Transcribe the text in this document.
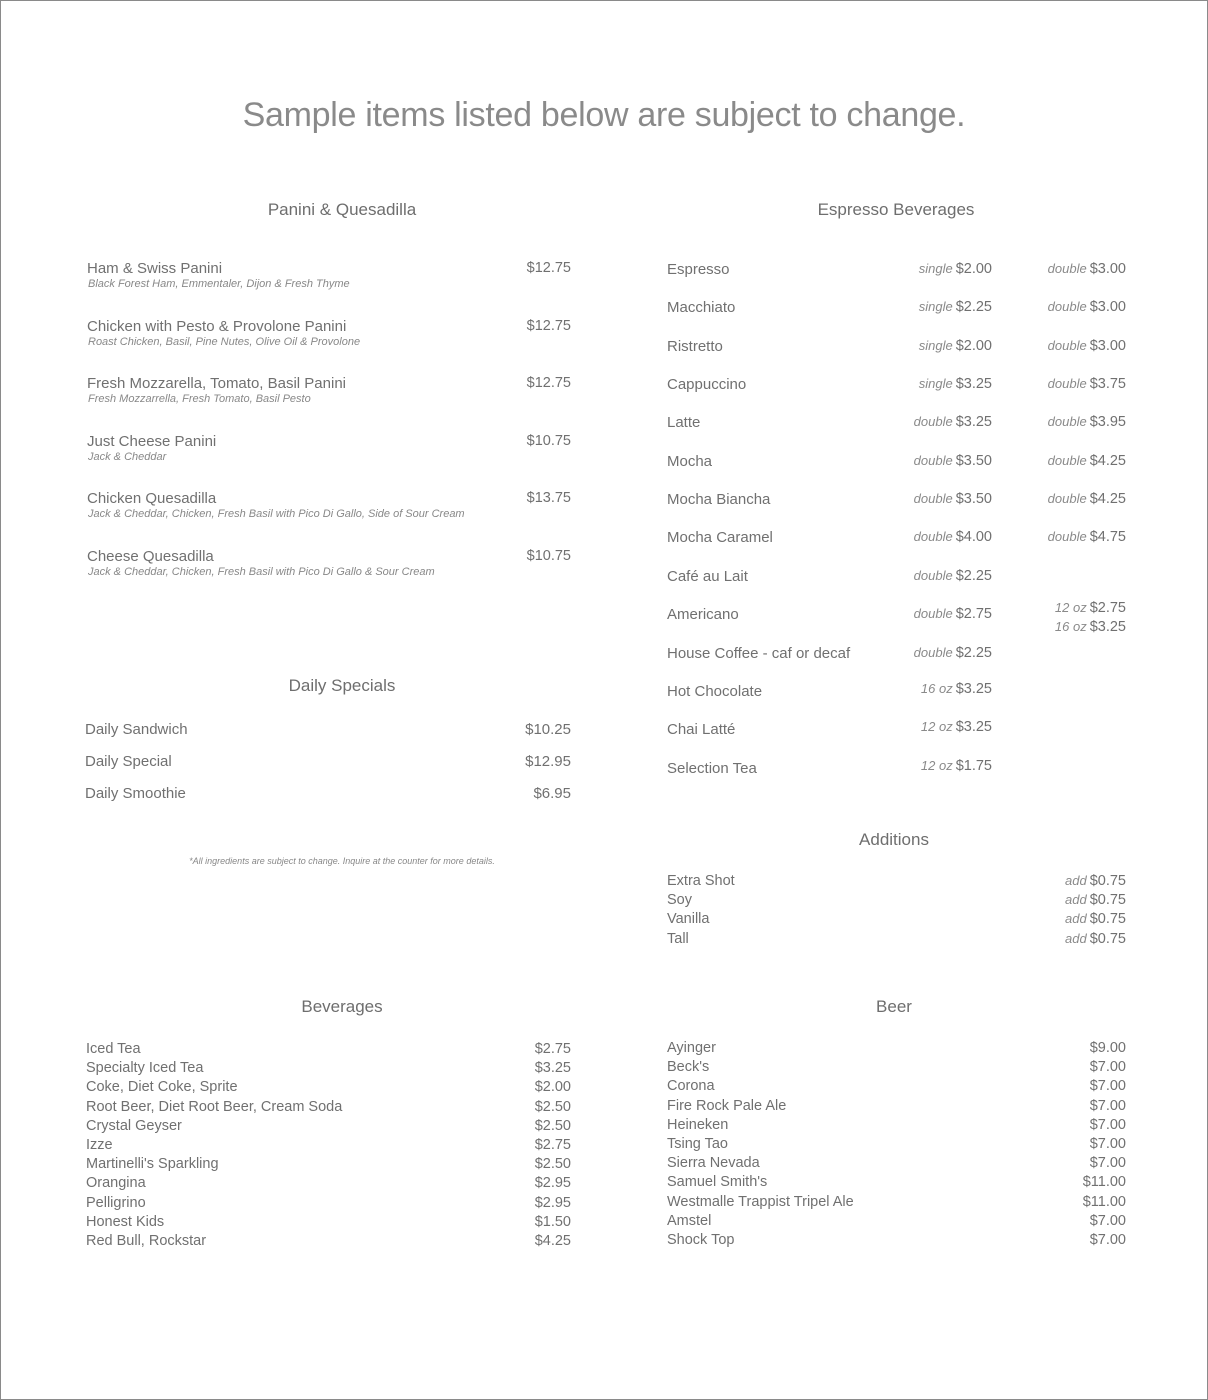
Sample items listed below are subject to change.
Panini & Quesadilla
Ham & Swiss Panini
Black Forest Ham, Emmentaler, Dijon & Fresh Thyme
$12.75
Chicken with Pesto & Provolone Panini
Roast Chicken, Basil, Pine Nutes, Olive Oil & Provolone
$12.75
Fresh Mozzarella, Tomato, Basil Panini
Fresh Mozzarrella, Fresh Tomato, Basil Pesto
$12.75
Just Cheese Panini
Jack & Cheddar
$10.75
Chicken Quesadilla
Jack & Cheddar, Chicken, Fresh Basil with Pico Di Gallo, Side of Sour Cream
$13.75
Cheese Quesadilla
Jack & Cheddar, Chicken, Fresh Basil with Pico Di Gallo & Sour Cream
$10.75
Daily Specials
Daily Sandwich	$10.25
Daily Special	$12.95
Daily Smoothie	$6.95
*All ingredients are subject to change. Inquire at the counter for more details.
Espresso Beverages
Espresso	single $2.00	double $3.00
Macchiato	single $2.25	double $3.00
Ristretto	single $2.00	double $3.00
Cappuccino	single $3.25	double $3.75
Latte	double $3.25	double $3.95
Mocha	double $3.50	double $4.25
Mocha Biancha	double $3.50	double $4.25
Mocha Caramel	double $4.00	double $4.75
Café au Lait	double $2.25
Americano	double $2.75	12 oz $2.75
16 oz $3.25
House Coffee - caf or decaf	double $2.25
Hot Chocolate	16 oz $3.25
Chai Latté	12 oz $3.25
Selection Tea	12 oz $1.75
Additions
Extra Shot	add $0.75
Soy	add $0.75
Vanilla	add $0.75
Tall	add $0.75
Beverages
Iced Tea	$2.75
Specialty Iced Tea	$3.25
Coke, Diet Coke, Sprite	$2.00
Root Beer, Diet Root Beer, Cream Soda	$2.50
Crystal Geyser	$2.50
Izze	$2.75
Martinelli's Sparkling	$2.50
Orangina	$2.95
Pelligrino	$2.95
Honest Kids	$1.50
Red Bull, Rockstar	$4.25
Beer
Ayinger	$9.00
Beck's	$7.00
Corona	$7.00
Fire Rock Pale Ale	$7.00
Heineken	$7.00
Tsing Tao	$7.00
Sierra Nevada	$7.00
Samuel Smith's	$11.00
Westmalle Trappist Tripel Ale	$11.00
Amstel	$7.00
Shock Top	$7.00
